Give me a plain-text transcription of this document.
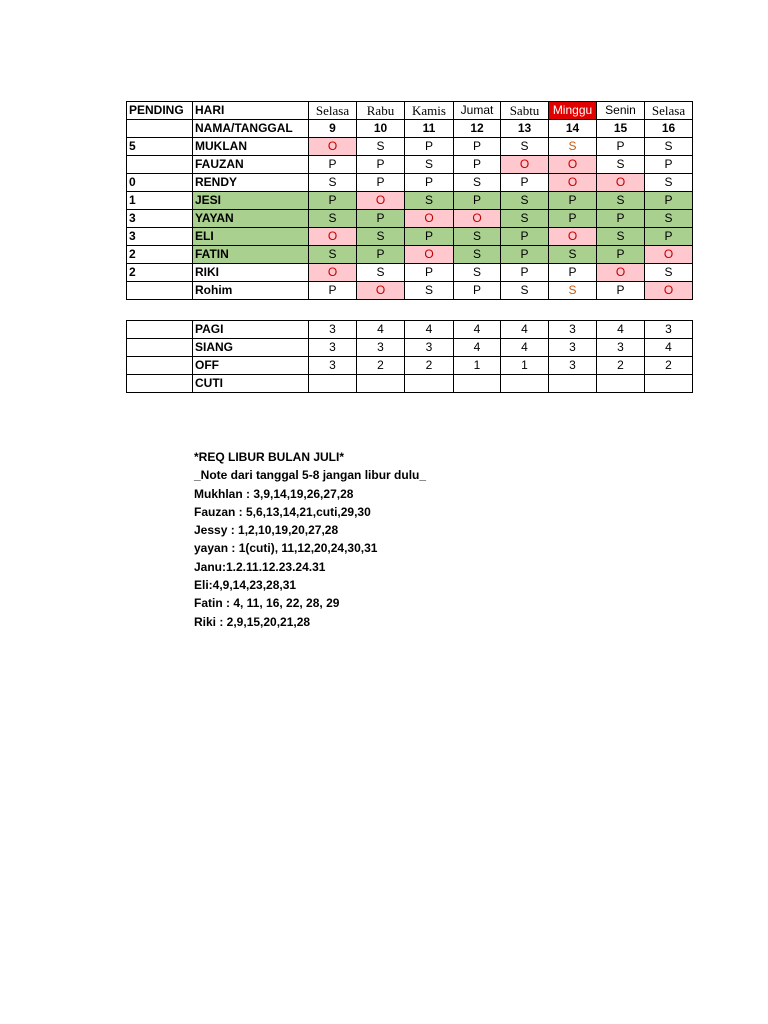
PENDING	HARI	Selasa	Rabu	Kamis	Jumat	Sabtu	Minggu	Senin	Selasa
	NAMA/TANGGAL	9	10	11	12	13	14	15	16
5	MUKLAN	O	S	P	P	S	S	P	S
	FAUZAN	P	P	S	P	O	O	S	P
0	RENDY	S	P	P	S	P	O	O	S
1	JESI	P	O	S	P	S	P	S	P
3	YAYAN	S	P	O	O	S	P	P	S
3	ELI	O	S	P	S	P	O	S	P
2	FATIN	S	P	O	S	P	S	P	O
2	RIKI	O	S	P	S	P	P	O	S
	Rohim	P	O	S	P	S	S	P	O
	PAGI	3	4	4	4	4	3	4	3
	SIANG	3	3	3	4	4	3	3	4
	OFF	3	2	2	1	1	3	2	2
	CUTI								
*REQ LIBUR BULAN JULI*
_Note dari tanggal 5-8 jangan libur dulu_
Mukhlan : 3,9,14,19,26,27,28
Fauzan : 5,6,13,14,21,cuti,29,30
Jessy : 1,2,10,19,20,27,28
yayan : 1(cuti), 11,12,20,24,30,31
Janu:1.2.11.12.23.24.31
Eli:4,9,14,23,28,31
Fatin : 4, 11, 16, 22, 28, 29
Riki : 2,9,15,20,21,28
